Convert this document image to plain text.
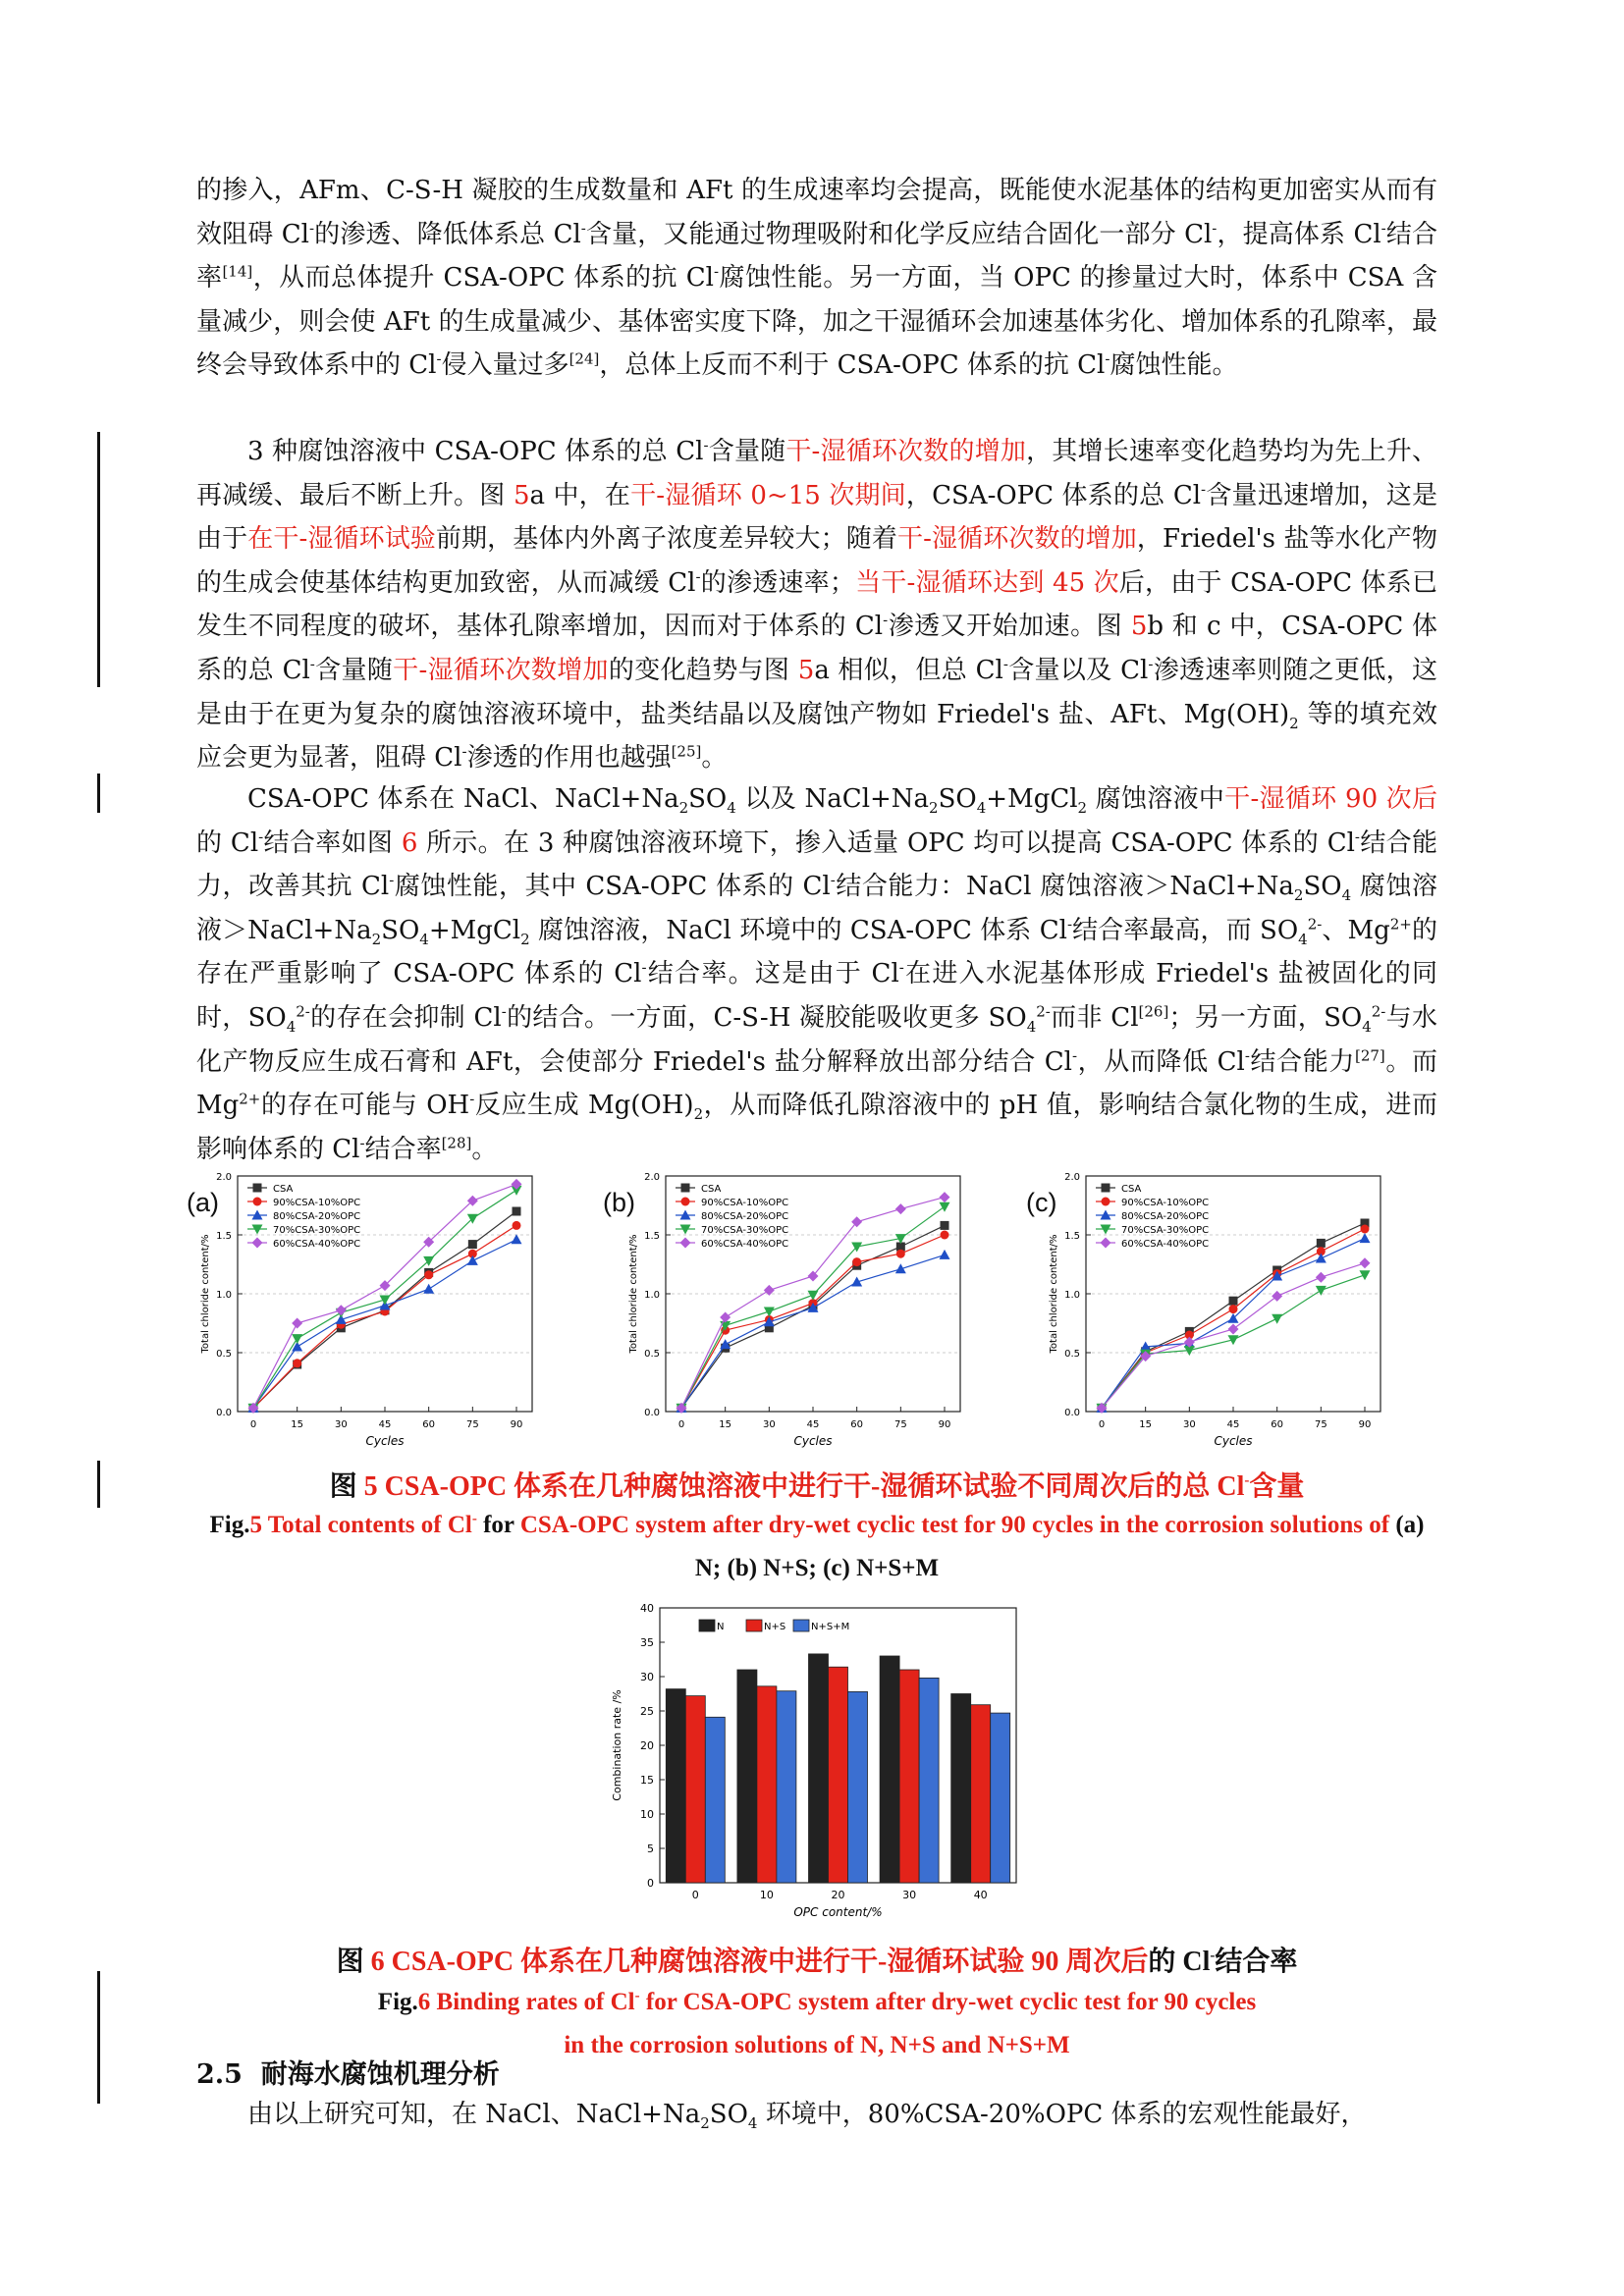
的掺入，AFm、C-S-H 凝胶的生成数量和 AFt 的生成速率均会提高，既能使水泥基体的结构更加密实从而有效阻碍 Cl-的渗透、降低体系总 Cl-含量，又能通过物理吸附和化学反应结合固化一部分 Cl-，提高体系 Cl-结合率[14]，从而总体提升 CSA-OPC 体系的抗 Cl-腐蚀性能。另一方面，当 OPC 的掺量过大时，体系中 CSA 含量减少，则会使 AFt 的生成量减少、基体密实度下降，加之干湿循环会加速基体劣化、增加体系的孔隙率，最终会导致体系中的 Cl-侵入量过多[24]，总体上反而不利于 CSA-OPC 体系的抗 Cl-腐蚀性能。

3 种腐蚀溶液中 CSA-OPC 体系的总 Cl-含量随干-湿循环次数的增加，其增长速率变化趋势均为先上升、再减缓、最后不断上升。图 5a 中，在干-湿循环 0~15 次期间，CSA-OPC 体系的总 Cl-含量迅速增加，这是由于在干-湿循环试验前期，基体内外离子浓度差异较大；随着干-湿循环次数的增加，Friedel's 盐等水化产物的生成会使基体结构更加致密，从而减缓 Cl-的渗透速率；当干-湿循环达到 45 次后，由于 CSA-OPC 体系已发生不同程度的破坏，基体孔隙率增加，因而对于体系的 Cl-渗透又开始加速。图 5b 和 c 中，CSA-OPC 体系的总 Cl-含量随干-湿循环次数增加的变化趋势与图 5a 相似，但总 Cl-含量以及 Cl-渗透速率则随之更低，这是由于在更为复杂的腐蚀溶液环境中，盐类结晶以及腐蚀产物如 Friedel's 盐、AFt、$Mg(OH)_2$ 等的填充效应会更为显著，阻碍 Cl-渗透的作用也越强[25]。

CSA-OPC 体系在 NaCl、$NaCl+Na_2SO_4$ 以及 $NaCl+Na_2SO_4+MgCl_2$ 腐蚀溶液中干-湿循环 90 次后的 Cl-结合率如图 6 所示。在 3 种腐蚀溶液环境下，掺入适量 OPC 均可以提高 CSA-OPC 体系的 Cl-结合能力，改善其抗 Cl-腐蚀性能，其中 CSA-OPC 体系的 Cl-结合能力：NaCl 腐蚀溶液$>NaCl+Na_2SO_4$ 腐蚀溶液$>NaCl+Na_2SO_4+MgCl_2$ 腐蚀溶液，NaCl 环境中的 CSA-OPC 体系 Cl-结合率最高，而 $SO_4^{2-}$、$Mg^{2+}$的存在严重影响了 CSA-OPC 体系的 Cl-结合率。这是由于 Cl-在进入水泥基体形成 Friedel's 盐被固化的同时，$SO_4^{2-}$的存在会抑制 Cl-的结合。一方面，C-S-H 凝胶能吸收更多 $SO_4^{2-}$而非 Cl[26]；另一方面，$SO_4^{2-}$与水化产物反应生成石膏和 AFt，会使部分 Friedel's 盐分解释放出部分结合 Cl-，从而降低 Cl-结合能力[27]。而 $Mg^{2+}$的存在可能与 OH-反应生成 $Mg(OH)_2$，从而降低孔隙溶液中的 pH 值，影响结合氯化物的生成，进而影响体系的 Cl-结合率[28]。

(a)
0.0
0.5
1.0
1.5
2.0
0	15	30	45	60	75	90
Cycles
Total chloride content/%
CSA
90%CSA-10%OPC
80%CSA-20%OPC
70%CSA-30%OPC
60%CSA-40%OPC
(b)
0.0
0.5
1.0
1.5
2.0
0	15	30	45	60	75	90
Cycles
Total chloride content/%
CSA
90%CSA-10%OPC
80%CSA-20%OPC
70%CSA-30%OPC
60%CSA-40%OPC
(c)
0.0
0.5
1.0
1.5
2.0
0	15	30	45	60	75	90
Cycles
Total chloride content/%
CSA
90%CSA-10%OPC
80%CSA-20%OPC
70%CSA-30%OPC
60%CSA-40%OPC

图 5 CSA-OPC 体系在几种腐蚀溶液中进行干-湿循环试验不同周次后的总 Cl-含量

Fig.5 Total contents of Cl- for CSA-OPC system after dry-wet cyclic test for 90 cycles in the corrosion solutions of (a) N; (b) N+S; (c) N+S+M

0
5
10
15
20
25
30
35
40
0	10	20	30	40
N	N+S	N+S+M
OPC content/%
Combination rate /%

图 6 CSA-OPC 体系在几种腐蚀溶液中进行干-湿循环试验 90 周次后的 Cl-结合率

Fig.6 Binding rates of Cl- for CSA-OPC system after dry-wet cyclic test for 90 cycles
in the corrosion solutions of N, N+S and N+S+M

2.5 耐海水腐蚀机理分析

由以上研究可知，在 NaCl、$NaCl+Na_2SO_4$ 环境中，80%CSA-20%OPC 体系的宏观性能最好，
